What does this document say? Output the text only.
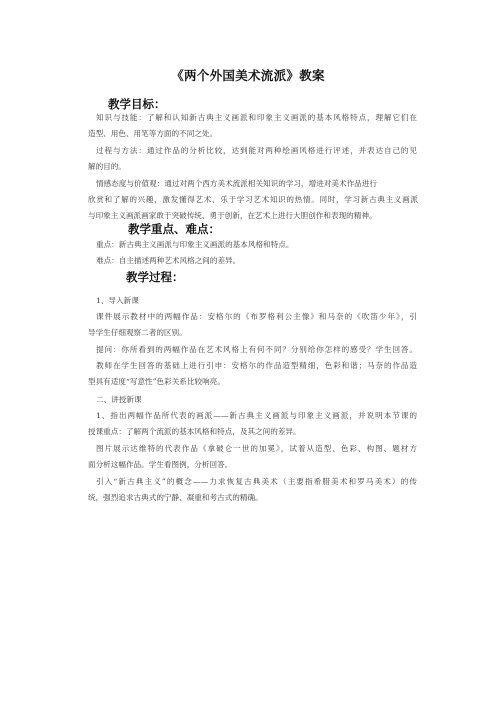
《两个外国美术流派》教案
教学目标：
知识与技能：了解和认知新古典主义画派和印象主义画派的基本风格特点，理解它们在
造型、用色、用笔等方面的不同之处。
过程与方法：通过作品的分析比较，达到能对两种绘画风格进行评述，并表达自己的见
解的目的。
情感态度与价值观：通过对两个西方美术流派相关知识的学习，增进对美术作品进行
欣赏和了解的兴趣，激发懂得艺术、乐于学习艺术知识的热情。同时，学习新古典主义画派
与印象主义画派画家敢于突破传统、勇于创新，在艺术上进行大胆创作和表现的精神。
教学重点、难点：
重点：新古典主义画派与印象主义画派的基本风格和特点。
难点：自主描述两种艺术风格之间的差异。
教学过程：
1、导入新课
课件展示教材中的两幅作品：安格尔的《布罗格利公主像》和马奈的《吹笛少年》，引
导学生仔细观察二者的区别。
提问：你所看到的两幅作品在艺术风格上有何不同？分别给你怎样的感受？学生回答。
教师在学生回答的基础上进行引申：安格尔的作品造型精细，色彩和谐；马奈的作品造
型具有适度“写意性”色彩关系比较响亮。
二、讲授新课
1、指出两幅作品所代表的画派——新古典主义画派与印象主义画派，并说明本节课的
授课重点：了解两个流派的基本风格和特点，及其之间的差异。
图片展示达维特的代表作品《拿破仑一世的加冕》，试着从造型、色彩、构图、题材方
面分析这幅作品。学生看图例，分析回答。
引入“新古典主义”的概念——力求恢复古典美术（主要指希腊美术和罗马美术）的传
统，强烈追求古典式的宁静、凝重和考古式的精确。
